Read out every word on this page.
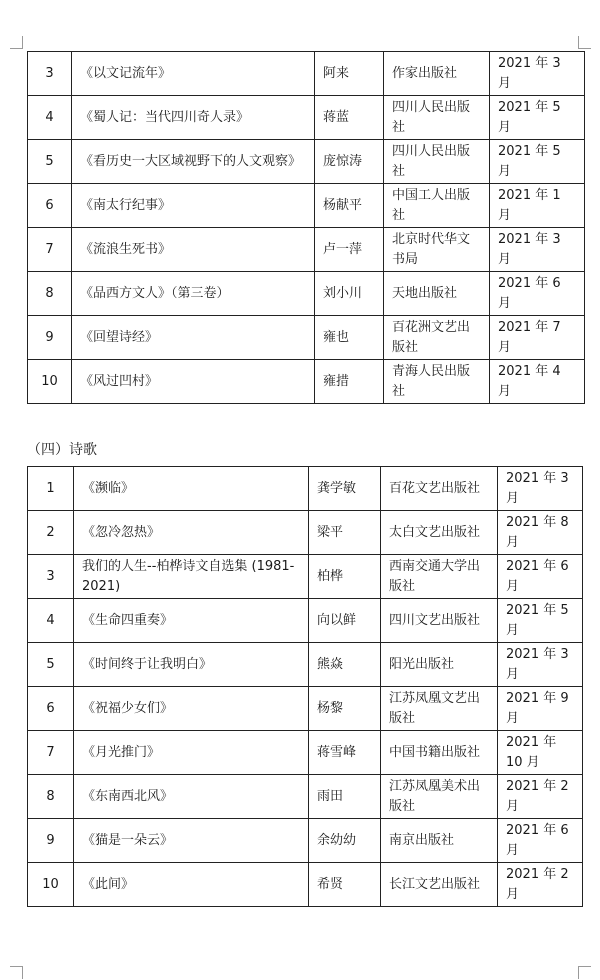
3	《以文记流年》	阿来	作家出版社	2021 年 3 月
4	《蜀人记：当代四川奇人录》	蒋蓝	四川人民出版社	2021 年 5 月
5	《看历史一大区域视野下的人文观察》	庞惊涛	四川人民出版社	2021 年 5 月
6	《南太行纪事》	杨献平	中国工人出版社	2021 年 1 月
7	《流浪生死书》	卢一萍	北京时代华文书局	2021 年 3 月
8	《品西方文人》（第三卷）	刘小川	天地出版社	2021 年 6 月
9	《回望诗经》	雍也	百花洲文艺出版社	2021 年 7 月
10	《风过凹村》	雍措	青海人民出版社	2021 年 4 月
（四）诗歌
1	《濒临》	龚学敏	百花文艺出版社	2021 年 3 月
2	《忽冷忽热》	梁平	太白文艺出版社	2021 年 8 月
3	我们的人生--柏桦诗文自选集 (1981-2021)	柏桦	西南交通大学出版社	2021 年 6 月
4	《生命四重奏》	向以鲜	四川文艺出版社	2021 年 5 月
5	《时间终于让我明白》	熊焱	阳光出版社	2021 年 3 月
6	《祝福少女们》	杨黎	江苏凤凰文艺出版社	2021 年 9 月
7	《月光推门》	蒋雪峰	中国书籍出版社	2021 年 10 月
8	《东南西北风》	雨田	江苏凤凰美术出版社	2021 年 2 月
9	《猫是一朵云》	余幼幼	南京出版社	2021 年 6 月
10	《此间》	希贤	长江文艺出版社	2021 年 2 月
